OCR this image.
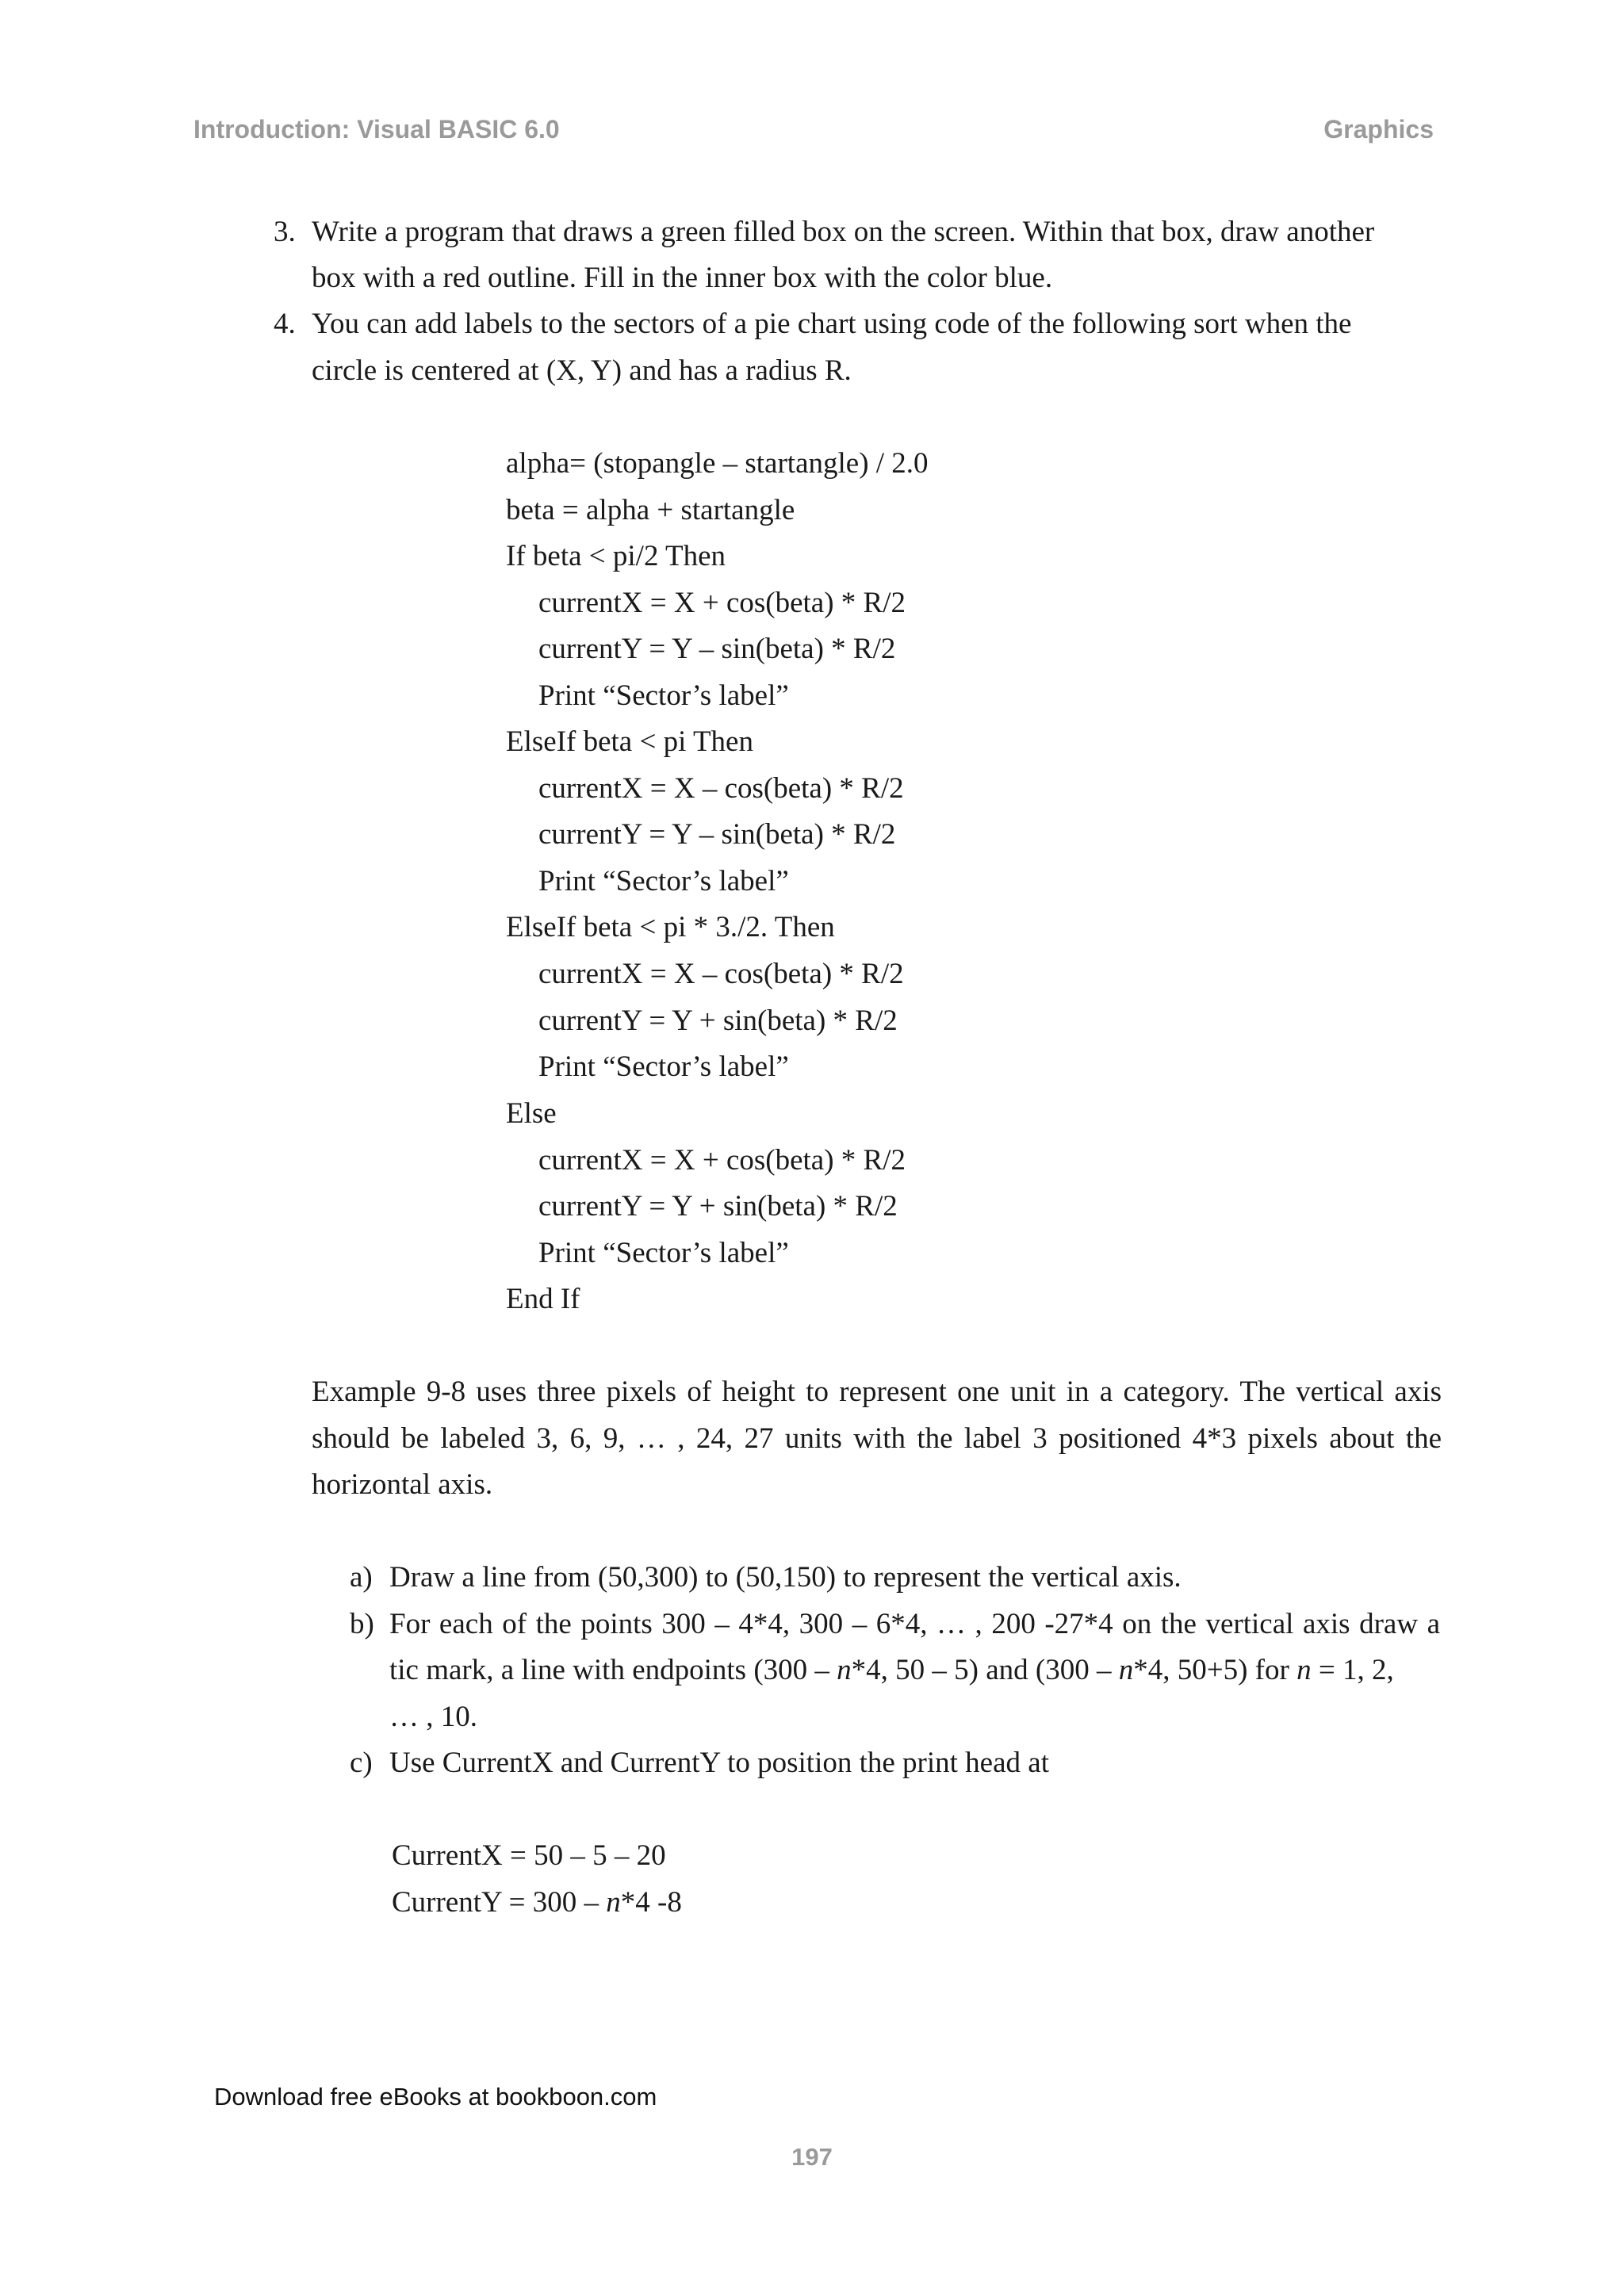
Introduction: Visual BASIC 6.0	Graphics
3. Write a program that draws a green filled box on the screen. Within that box, draw another
box with a red outline. Fill in the inner box with the color blue.
4. You can add labels to the sectors of a pie chart using code of the following sort when the
circle is centered at (X, Y) and has a radius R.
alpha= (stopangle – startangle) / 2.0
beta = alpha + startangle
If beta < pi/2 Then
currentX = X + cos(beta) * R/2
currentY = Y – sin(beta) * R/2
Print “Sector’s label”
ElseIf beta < pi Then
currentX = X – cos(beta) * R/2
currentY = Y – sin(beta) * R/2
Print “Sector’s label”
ElseIf beta < pi * 3./2. Then
currentX = X – cos(beta) * R/2
currentY = Y + sin(beta) * R/2
Print “Sector’s label”
Else
currentX = X + cos(beta) * R/2
currentY = Y + sin(beta) * R/2
Print “Sector’s label”
End If
Example 9-8 uses three pixels of height to represent one unit in a category. The vertical axis
should be labeled 3, 6, 9, … , 24, 27 units with the label 3 positioned 4*3 pixels about the
horizontal axis.
a) Draw a line from (50,300) to (50,150) to represent the vertical axis.
b) For each of the points 300 – 4*4, 300 – 6*4, … , 200 -27*4 on the vertical axis draw a
tic mark, a line with endpoints (300 – n*4, 50 – 5) and (300 – n*4, 50+5) for n = 1, 2,
… , 10.
c) Use CurrentX and CurrentY to position the print head at
CurrentX = 50 – 5 – 20
CurrentY = 300 – n*4 -8
Download free eBooks at bookboon.com
197
